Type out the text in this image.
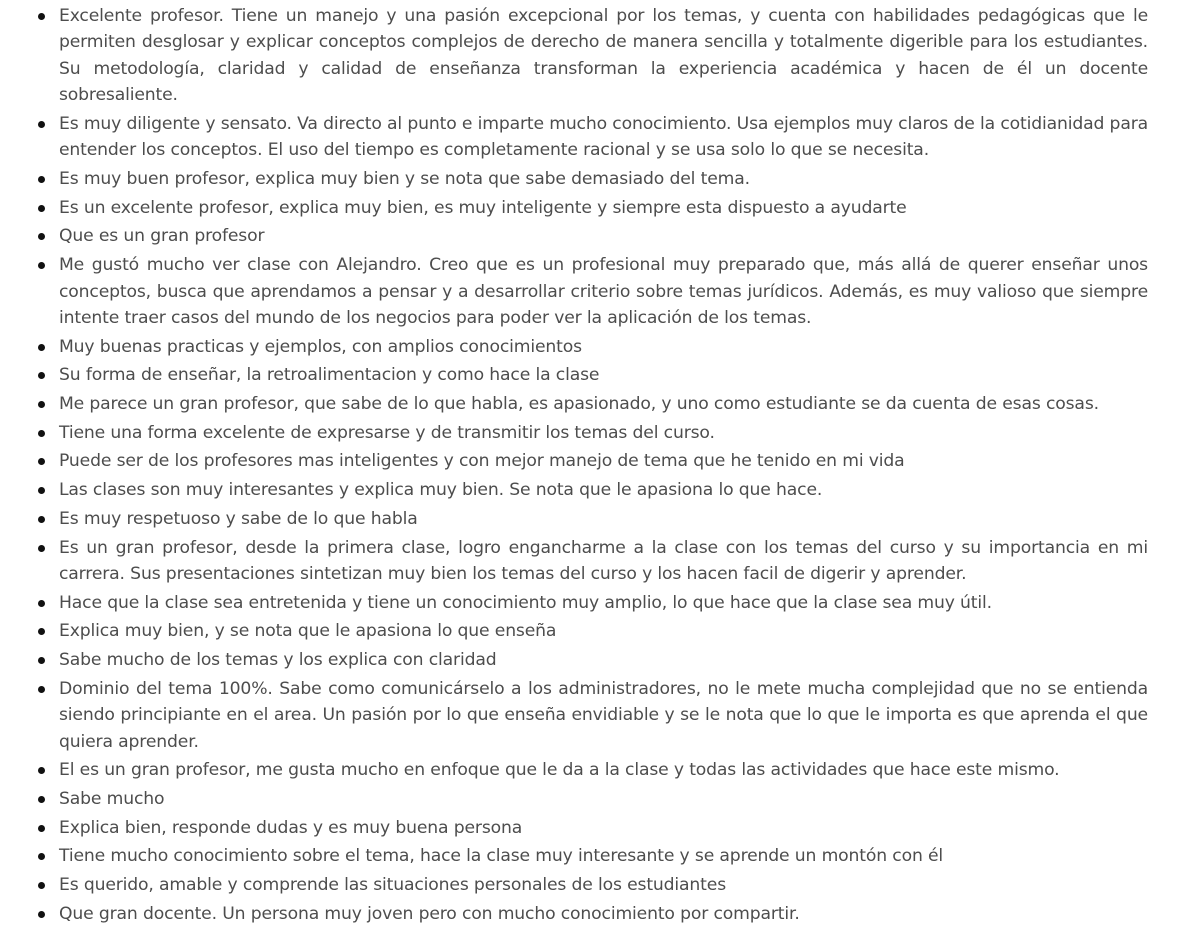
Excelente profesor. Tiene un manejo y una pasión excepcional por los temas, y cuenta con habilidades pedagógicas que le permiten desglosar y explicar conceptos complejos de derecho de manera sencilla y totalmente digerible para los estudiantes. Su metodología, claridad y calidad de enseñanza transforman la experiencia académica y hacen de él un docente sobresaliente.
Es muy diligente y sensato. Va directo al punto e imparte mucho conocimiento. Usa ejemplos muy claros de la cotidianidad para entender los conceptos. El uso del tiempo es completamente racional y se usa solo lo que se necesita.
Es muy buen profesor, explica muy bien y se nota que sabe demasiado del tema.
Es un excelente profesor, explica muy bien, es muy inteligente y siempre esta dispuesto a ayudarte
Que es un gran profesor
Me gustó mucho ver clase con Alejandro. Creo que es un profesional muy preparado que, más allá de querer enseñar unos conceptos, busca que aprendamos a pensar y a desarrollar criterio sobre temas jurídicos. Además, es muy valioso que siempre intente traer casos del mundo de los negocios para poder ver la aplicación de los temas.
Muy buenas practicas y ejemplos, con amplios conocimientos
Su forma de enseñar, la retroalimentacion y como hace la clase
Me parece un gran profesor, que sabe de lo que habla, es apasionado, y uno como estudiante se da cuenta de esas cosas.
Tiene una forma excelente de expresarse y de transmitir los temas del curso.
Puede ser de los profesores mas inteligentes y con mejor manejo de tema que he tenido en mi vida
Las clases son muy interesantes y explica muy bien. Se nota que le apasiona lo que hace.
Es muy respetuoso y sabe de lo que habla
Es un gran profesor, desde la primera clase, logro engancharme a la clase con los temas del curso y su importancia en mi carrera. Sus presentaciones sintetizan muy bien los temas del curso y los hacen facil de digerir y aprender.
Hace que la clase sea entretenida y tiene un conocimiento muy amplio, lo que hace que la clase sea muy útil.
Explica muy bien, y se nota que le apasiona lo que enseña
Sabe mucho de los temas y los explica con claridad
Dominio del tema 100%. Sabe como comunicárselo a los administradores, no le mete mucha complejidad que no se entienda siendo principiante en el area. Un pasión por lo que enseña envidiable y se le nota que lo que le importa es que aprenda el que quiera aprender.
El es un gran profesor, me gusta mucho en enfoque que le da a la clase y todas las actividades que hace este mismo.
Sabe mucho
Explica bien, responde dudas y es muy buena persona
Tiene mucho conocimiento sobre el tema, hace la clase muy interesante y se aprende un montón con él
Es querido, amable y comprende las situaciones personales de los estudiantes
Que gran docente. Un persona muy joven pero con mucho conocimiento por compartir.
